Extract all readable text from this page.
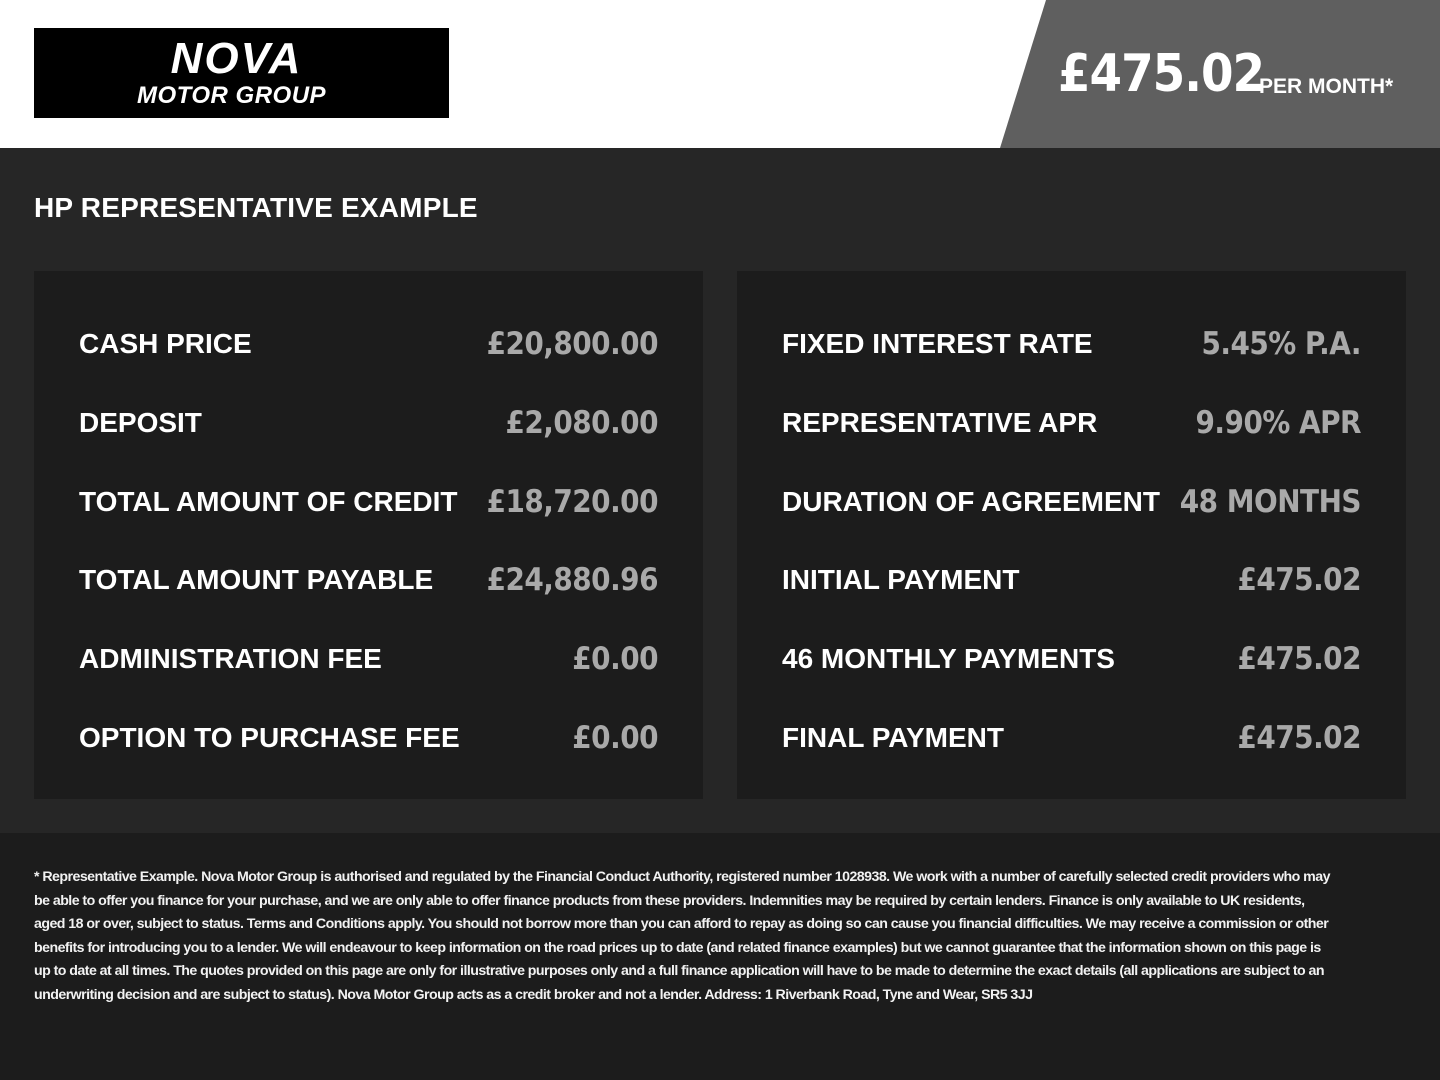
NOVA
MOTOR GROUP	£475.02
PER MONTH*
HP REPRESENTATIVE EXAMPLE
CASH PRICE	£20,800.00
DEPOSIT	£2,080.00
TOTAL AMOUNT OF CREDIT £18,720.00
TOTAL AMOUNT PAYABLE £24,880.96
ADMINISTRATION FEE	£0.00
OPTION TO PURCHASE FEE	£0.00
FIXED INTEREST RATE	5.45% P.A.
REPRESENTATIVE APR	9.90% APR
DURATION OF AGREEMENT 48 MONTHS
INITIAL PAYMENT	£475.02
46 MONTHLY PAYMENTS	£475.02
FINAL PAYMENT	£475.02
* Representative Example. Nova Motor Group is authorised and regulated by the Financial Conduct Authority, registered number 1028938. We work with a number of carefully selected credit providers who may be able to offer you finance for your purchase, and we are only able to offer finance products from these providers. Indemnities may be required by certain lenders. Finance is only available to UK residents, aged 18 or over, subject to status. Terms and Conditions apply. You should not borrow more than you can afford to repay as doing so can cause you financial difficulties. We may receive a commission or other benefits for introducing you to a lender. We will endeavour to keep information on the road prices up to date (and related finance examples) but we cannot guarantee that the information shown on this page is up to date at all times. The quotes provided on this page are only for illustrative purposes only and a full finance application will have to be made to determine the exact details (all applications are subject to an underwriting decision and are subject to status). Nova Motor Group acts as a credit broker and not a lender. Address: 1 Riverbank Road, Tyne and Wear, SR5 3JJ
